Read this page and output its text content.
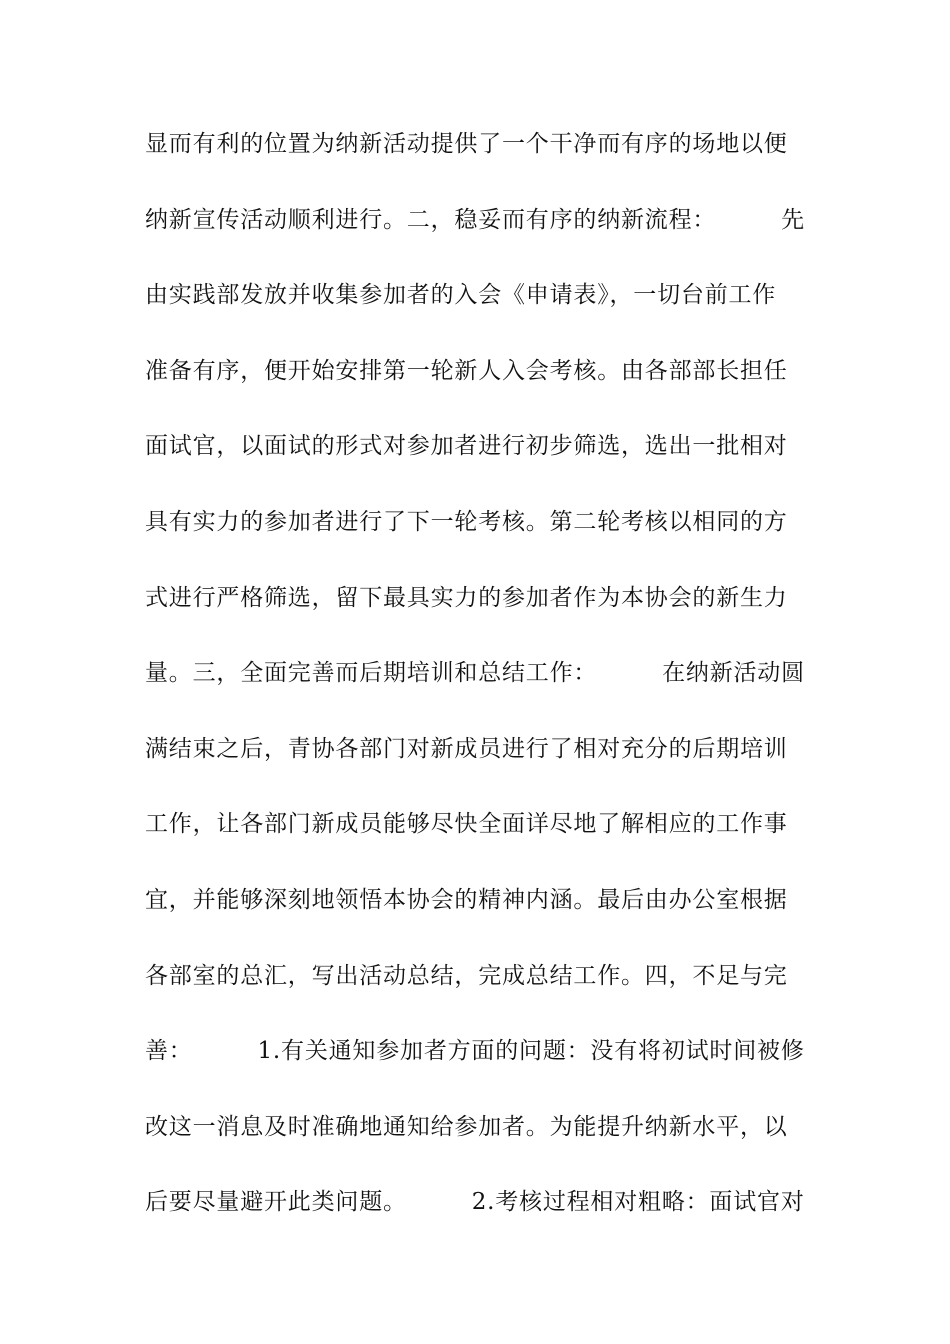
显而有利的位置为纳新活动提供了一个干净而有序的场地以便
纳新宣传活动顺利进行。二，稳妥而有序的纳新流程：        先
由实践部发放并收集参加者的入会《申请表》，一切台前工作
准备有序，便开始安排第一轮新人入会考核。由各部部长担任
面试官，以面试的形式对参加者进行初步筛选，选出一批相对
具有实力的参加者进行了下一轮考核。第二轮考核以相同的方
式进行严格筛选，留下最具实力的参加者作为本协会的新生力
量。三，全面完善而后期培训和总结工作：        在纳新活动圆
满结束之后，青协各部门对新成员进行了相对充分的后期培训
工作，让各部门新成员能够尽快全面详尽地了解相应的工作事
宜，并能够深刻地领悟本协会的精神内涵。最后由办公室根据
各部室的总汇，写出活动总结，完成总结工作。四，不足与完
善：        1.有关通知参加者方面的问题：没有将初试时间被修
改这一消息及时准确地通知给参加者。为能提升纳新水平，以
后要尽量避开此类问题。        2.考核过程相对粗略：面试官对
